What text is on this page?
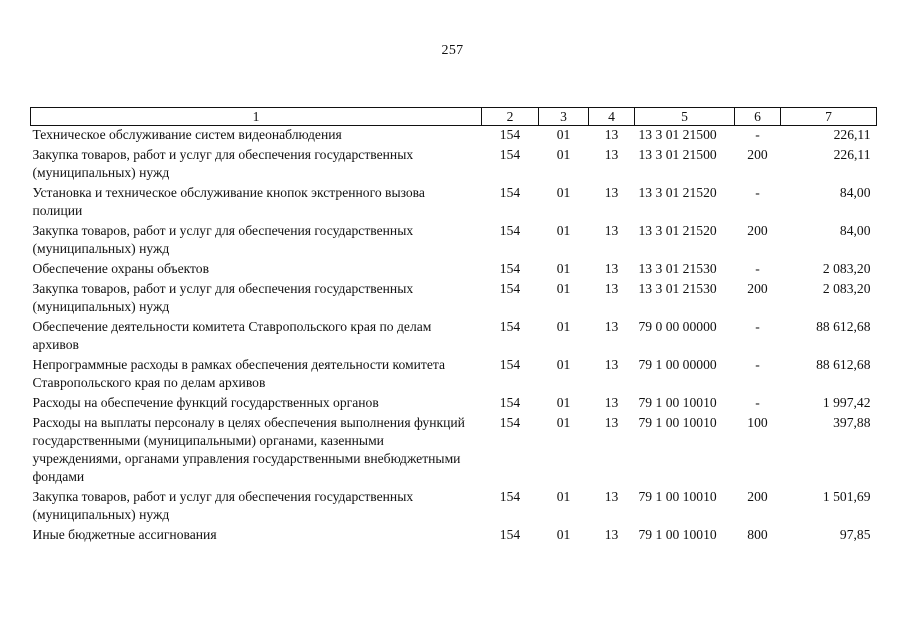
257
1	2	3	4	5	6	7
Техническое обслуживание систем видеонаблюдения	154	01	13	13 3 01 21500	-	226,11
Закупка товаров, работ и услуг для обеспечения государственных (муниципальных) нужд	154	01	13	13 3 01 21500	200	226,11
Установка и техническое обслуживание кнопок экстренного вызова полиции	154	01	13	13 3 01 21520	-	84,00
Закупка товаров, работ и услуг для обеспечения государственных (муниципальных) нужд	154	01	13	13 3 01 21520	200	84,00
Обеспечение охраны объектов	154	01	13	13 3 01 21530	-	2 083,20
Закупка товаров, работ и услуг для обеспечения государственных (муниципальных) нужд	154	01	13	13 3 01 21530	200	2 083,20
Обеспечение деятельности комитета Ставропольского края по делам архивов	154	01	13	79 0 00 00000	-	88 612,68
Непрограммные расходы в рамках обеспечения деятельности комитета Ставропольского края по делам архивов	154	01	13	79 1 00 00000	-	88 612,68
Расходы на обеспечение функций государственных органов	154	01	13	79 1 00 10010	-	1 997,42
Расходы на выплаты персоналу в целях обеспечения выполнения функций государственными (муниципальными) органами, казенными учреждениями, органами управления государственными внебюджетными фондами	154	01	13	79 1 00 10010	100	397,88
Закупка товаров, работ и услуг для обеспечения государственных (муниципальных) нужд	154	01	13	79 1 00 10010	200	1 501,69
Иные бюджетные ассигнования	154	01	13	79 1 00 10010	800	97,85
